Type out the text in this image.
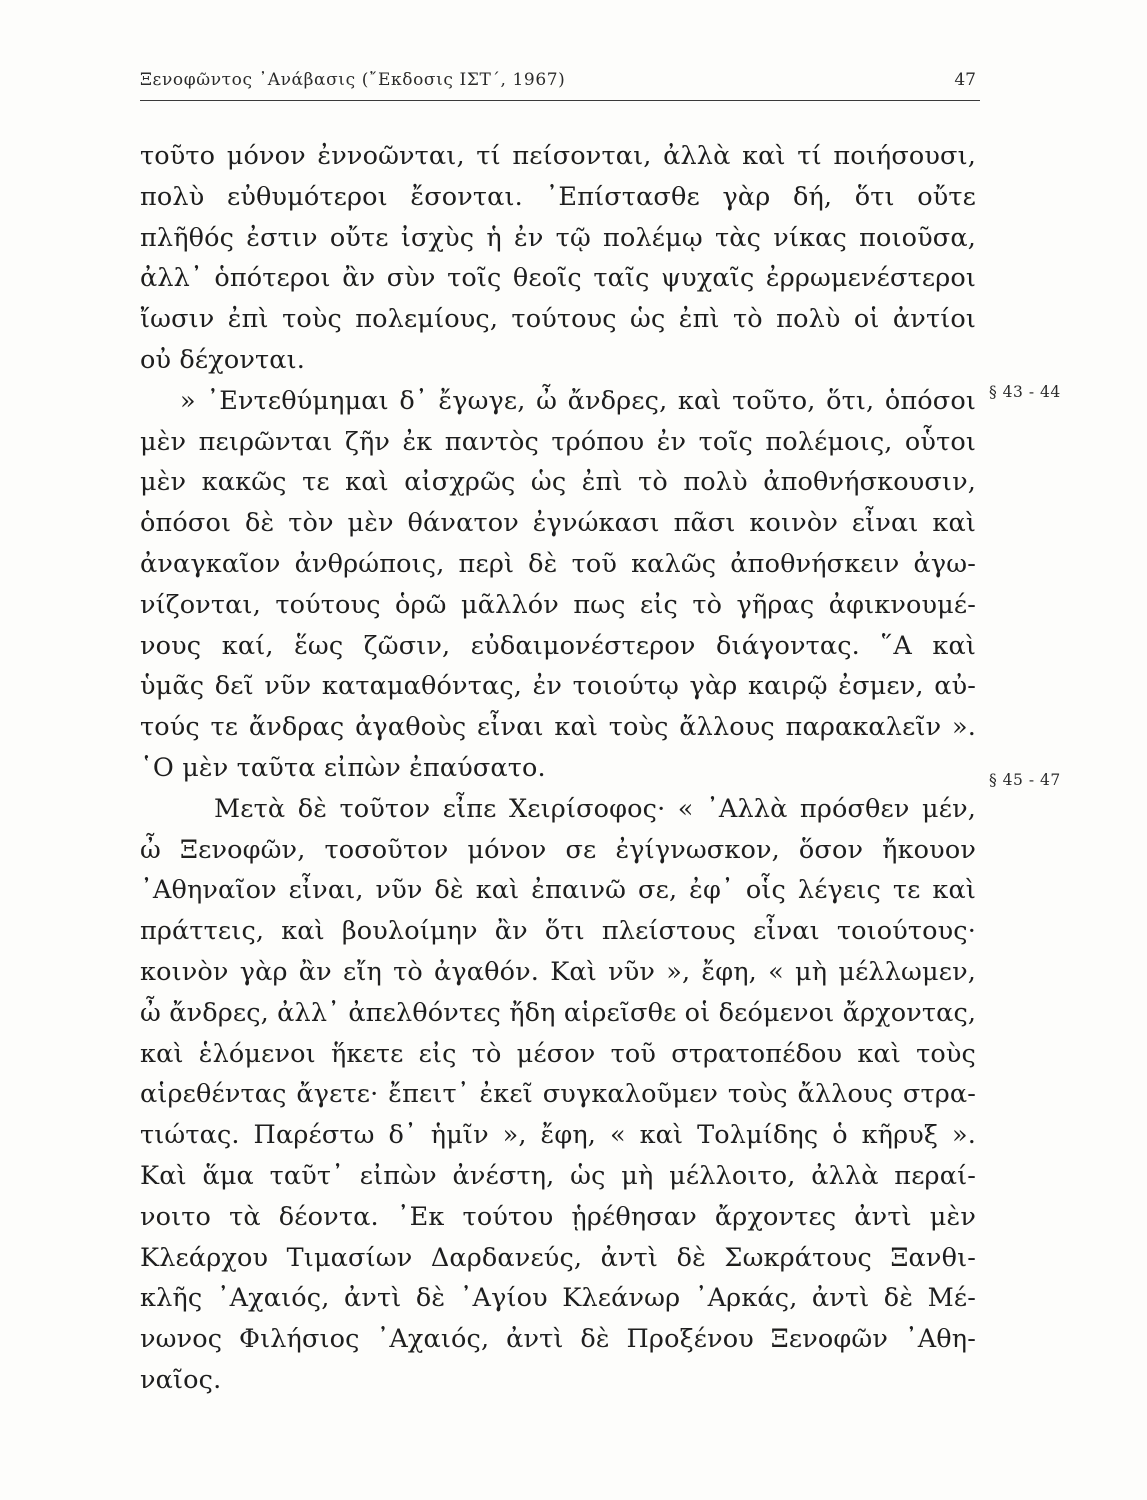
Ξενοφῶντος ᾿Ανάβασις (῎Εκδοσις ΙΣΤ΄, 1967)	47
§ 43 - 44
§ 45 - 47
τοῦτο μόνον ἐννοῶνται, τί πείσονται, ἀλλὰ καὶ τί ποιήσουσι,
πολὺ εὐθυμότεροι ἔσονται. ᾿Επίστασθε γὰρ δή, ὅτι οὔτε
πλῆθός ἐστιν οὔτε ἰσχὺς ἡ ἐν τῷ πολέμῳ τὰς νίκας ποιοῦσα,
ἀλλ᾿ ὁπότεροι ἂν σὺν τοῖς θεοῖς ταῖς ψυχαῖς ἐρρωμενέστεροι
ἴωσιν ἐπὶ τοὺς πολεμίους, τούτους ὡς ἐπὶ τὸ πολὺ οἱ ἀντίοι
οὐ δέχονται.
» ᾿Εντεθύμημαι δ᾿ ἔγωγε, ὦ ἄνδρες, καὶ τοῦτο, ὅτι, ὁπόσοι
μὲν πειρῶνται ζῆν ἐκ παντὸς τρόπου ἐν τοῖς πολέμοις, οὗτοι
μὲν κακῶς τε καὶ αἰσχρῶς ὡς ἐπὶ τὸ πολὺ ἀποθνήσκουσιν,
ὁπόσοι δὲ τὸν μὲν θάνατον ἐγνώκασι πᾶσι κοινὸν εἶναι καὶ
ἀναγκαῖον ἀνθρώποις, περὶ δὲ τοῦ καλῶς ἀποθνήσκειν ἀγω-
νίζονται, τούτους ὁρῶ μᾶλλόν πως εἰς τὸ γῆρας ἀφικνουμέ-
νους καί, ἕως ζῶσιν, εὐδαιμονέστερον διάγοντας. ῞Α καὶ
ὑμᾶς δεῖ νῦν καταμαθόντας, ἐν τοιούτῳ γὰρ καιρῷ ἐσμεν, αὐ-
τούς τε ἄνδρας ἀγαθοὺς εἶναι καὶ τοὺς ἄλλους παρακαλεῖν ».
῾Ο μὲν ταῦτα εἰπὼν ἐπαύσατο.
Μετὰ δὲ τοῦτον εἶπε Χειρίσοφος· « ᾿Αλλὰ πρόσθεν μέν,
ὦ Ξενοφῶν, τοσοῦτον μόνον σε ἐγίγνωσκον, ὅσον ἤκουον
᾿Αθηναῖον εἶναι, νῦν δὲ καὶ ἐπαινῶ σε, ἐφ᾿ οἷς λέγεις τε καὶ
πράττεις, καὶ βουλοίμην ἂν ὅτι πλείστους εἶναι τοιούτους·
κοινὸν γὰρ ἂν εἴη τὸ ἀγαθόν. Καὶ νῦν », ἔφη, « μὴ μέλλωμεν,
ὦ ἄνδρες, ἀλλ᾿ ἀπελθόντες ἤδη αἱρεῖσθε οἱ δεόμενοι ἄρχοντας,
καὶ ἑλόμενοι ἥκετε εἰς τὸ μέσον τοῦ στρατοπέδου καὶ τοὺς
αἱρεθέντας ἄγετε· ἔπειτ᾿ ἐκεῖ συγκαλοῦμεν τοὺς ἄλλους στρα-
τιώτας. Παρέστω δ᾿ ἡμῖν », ἔφη, « καὶ Τολμίδης ὁ κῆρυξ ».
Καὶ ἅμα ταῦτ᾿ εἰπὼν ἀνέστη, ὡς μὴ μέλλοιτο, ἀλλὰ περαί-
νοιτο τὰ δέοντα. ᾿Εκ τούτου ᾑρέθησαν ἄρχοντες ἀντὶ μὲν
Κλεάρχου Τιμασίων Δαρδανεύς, ἀντὶ δὲ Σωκράτους Ξανθι-
κλῆς ᾿Αχαιός, ἀντὶ δὲ ᾿Αγίου Κλεάνωρ ᾿Αρκάς, ἀντὶ δὲ Μέ-
νωνος Φιλήσιος ᾿Αχαιός, ἀντὶ δὲ Προξένου Ξενοφῶν ᾿Αθη-
ναῖος.
